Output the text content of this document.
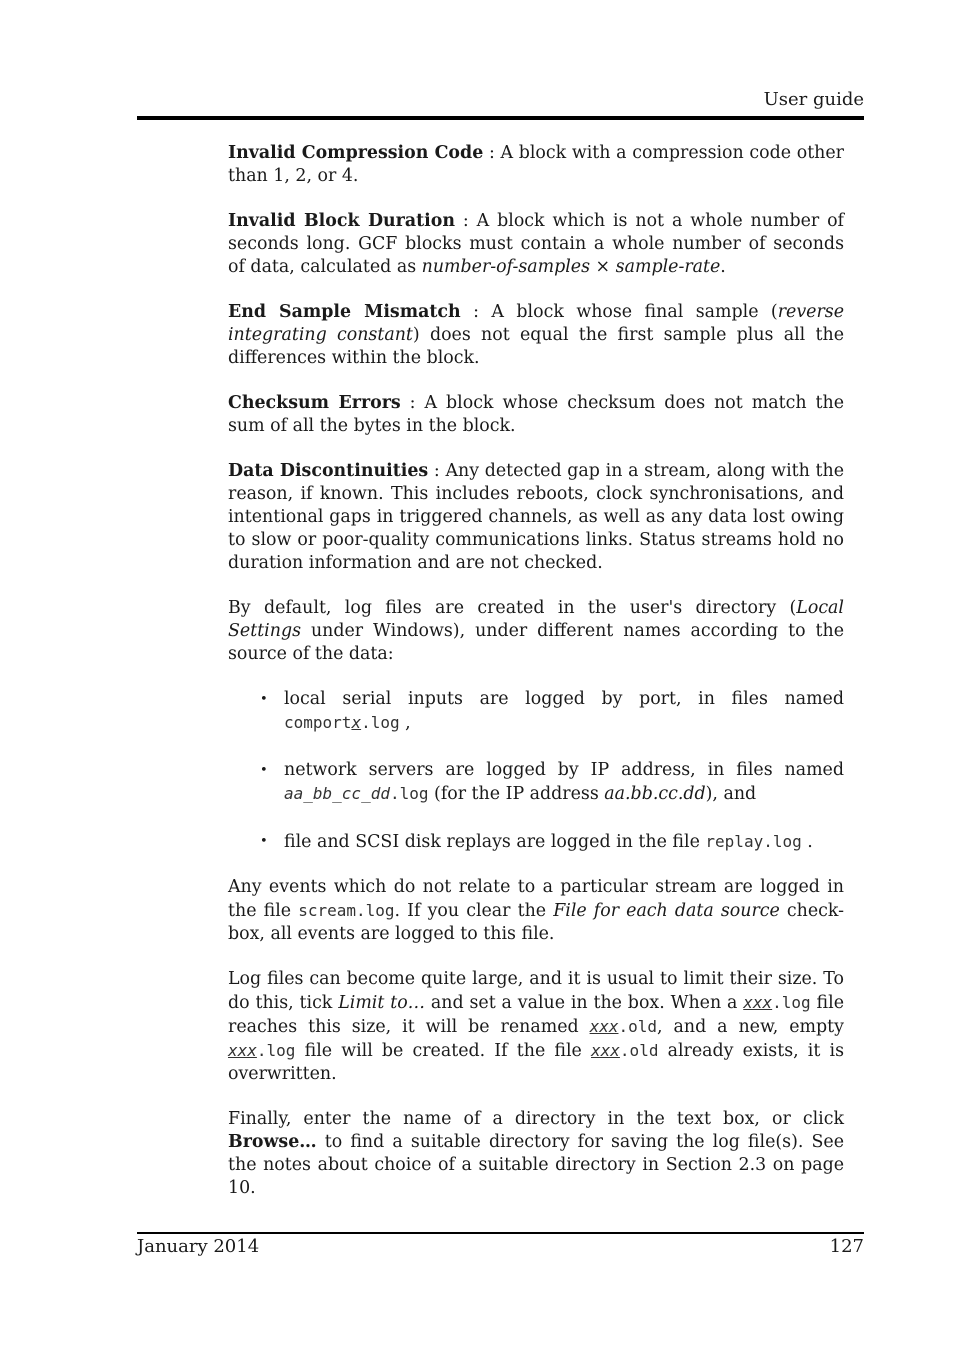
User guide

Invalid Compression Code : A block with a compression code other than 1, 2, or 4.

Invalid Block Duration : A block which is not a whole number of seconds long. GCF blocks must contain a whole number of seconds of data, calculated as number-of-samples × sample-rate.

End Sample Mismatch : A block whose final sample (reverse integrating constant) does not equal the first sample plus all the differences within the block.

Checksum Errors : A block whose checksum does not match the sum of all the bytes in the block.

Data Discontinuities : Any detected gap in a stream, along with the reason, if known. This includes reboots, clock synchronisations, and intentional gaps in triggered channels, as well as any data lost owing to slow or poor-quality communications links. Status streams hold no duration information and are not checked.

By default, log files are created in the user's directory (Local Settings under Windows), under different names according to the source of the data:

• local serial inputs are logged by port, in files named comportx.log ,
• network servers are logged by IP address, in files named aa_bb_cc_dd.log (for the IP address aa.bb.cc.dd), and
• file and SCSI disk replays are logged in the file replay.log .

Any events which do not relate to a particular stream are logged in the file scream.log. If you clear the File for each data source check-box, all events are logged to this file.

Log files can become quite large, and it is usual to limit their size. To do this, tick Limit to… and set a value in the box. When a xxx.log file reaches this size, it will be renamed xxx.old, and a new, empty xxx.log file will be created. If the file xxx.old already exists, it is overwritten.

Finally, enter the name of a directory in the text box, or click Browse… to find a suitable directory for saving the log file(s). See the notes about choice of a suitable directory in Section 2.3 on page 10.

January 2014	127
